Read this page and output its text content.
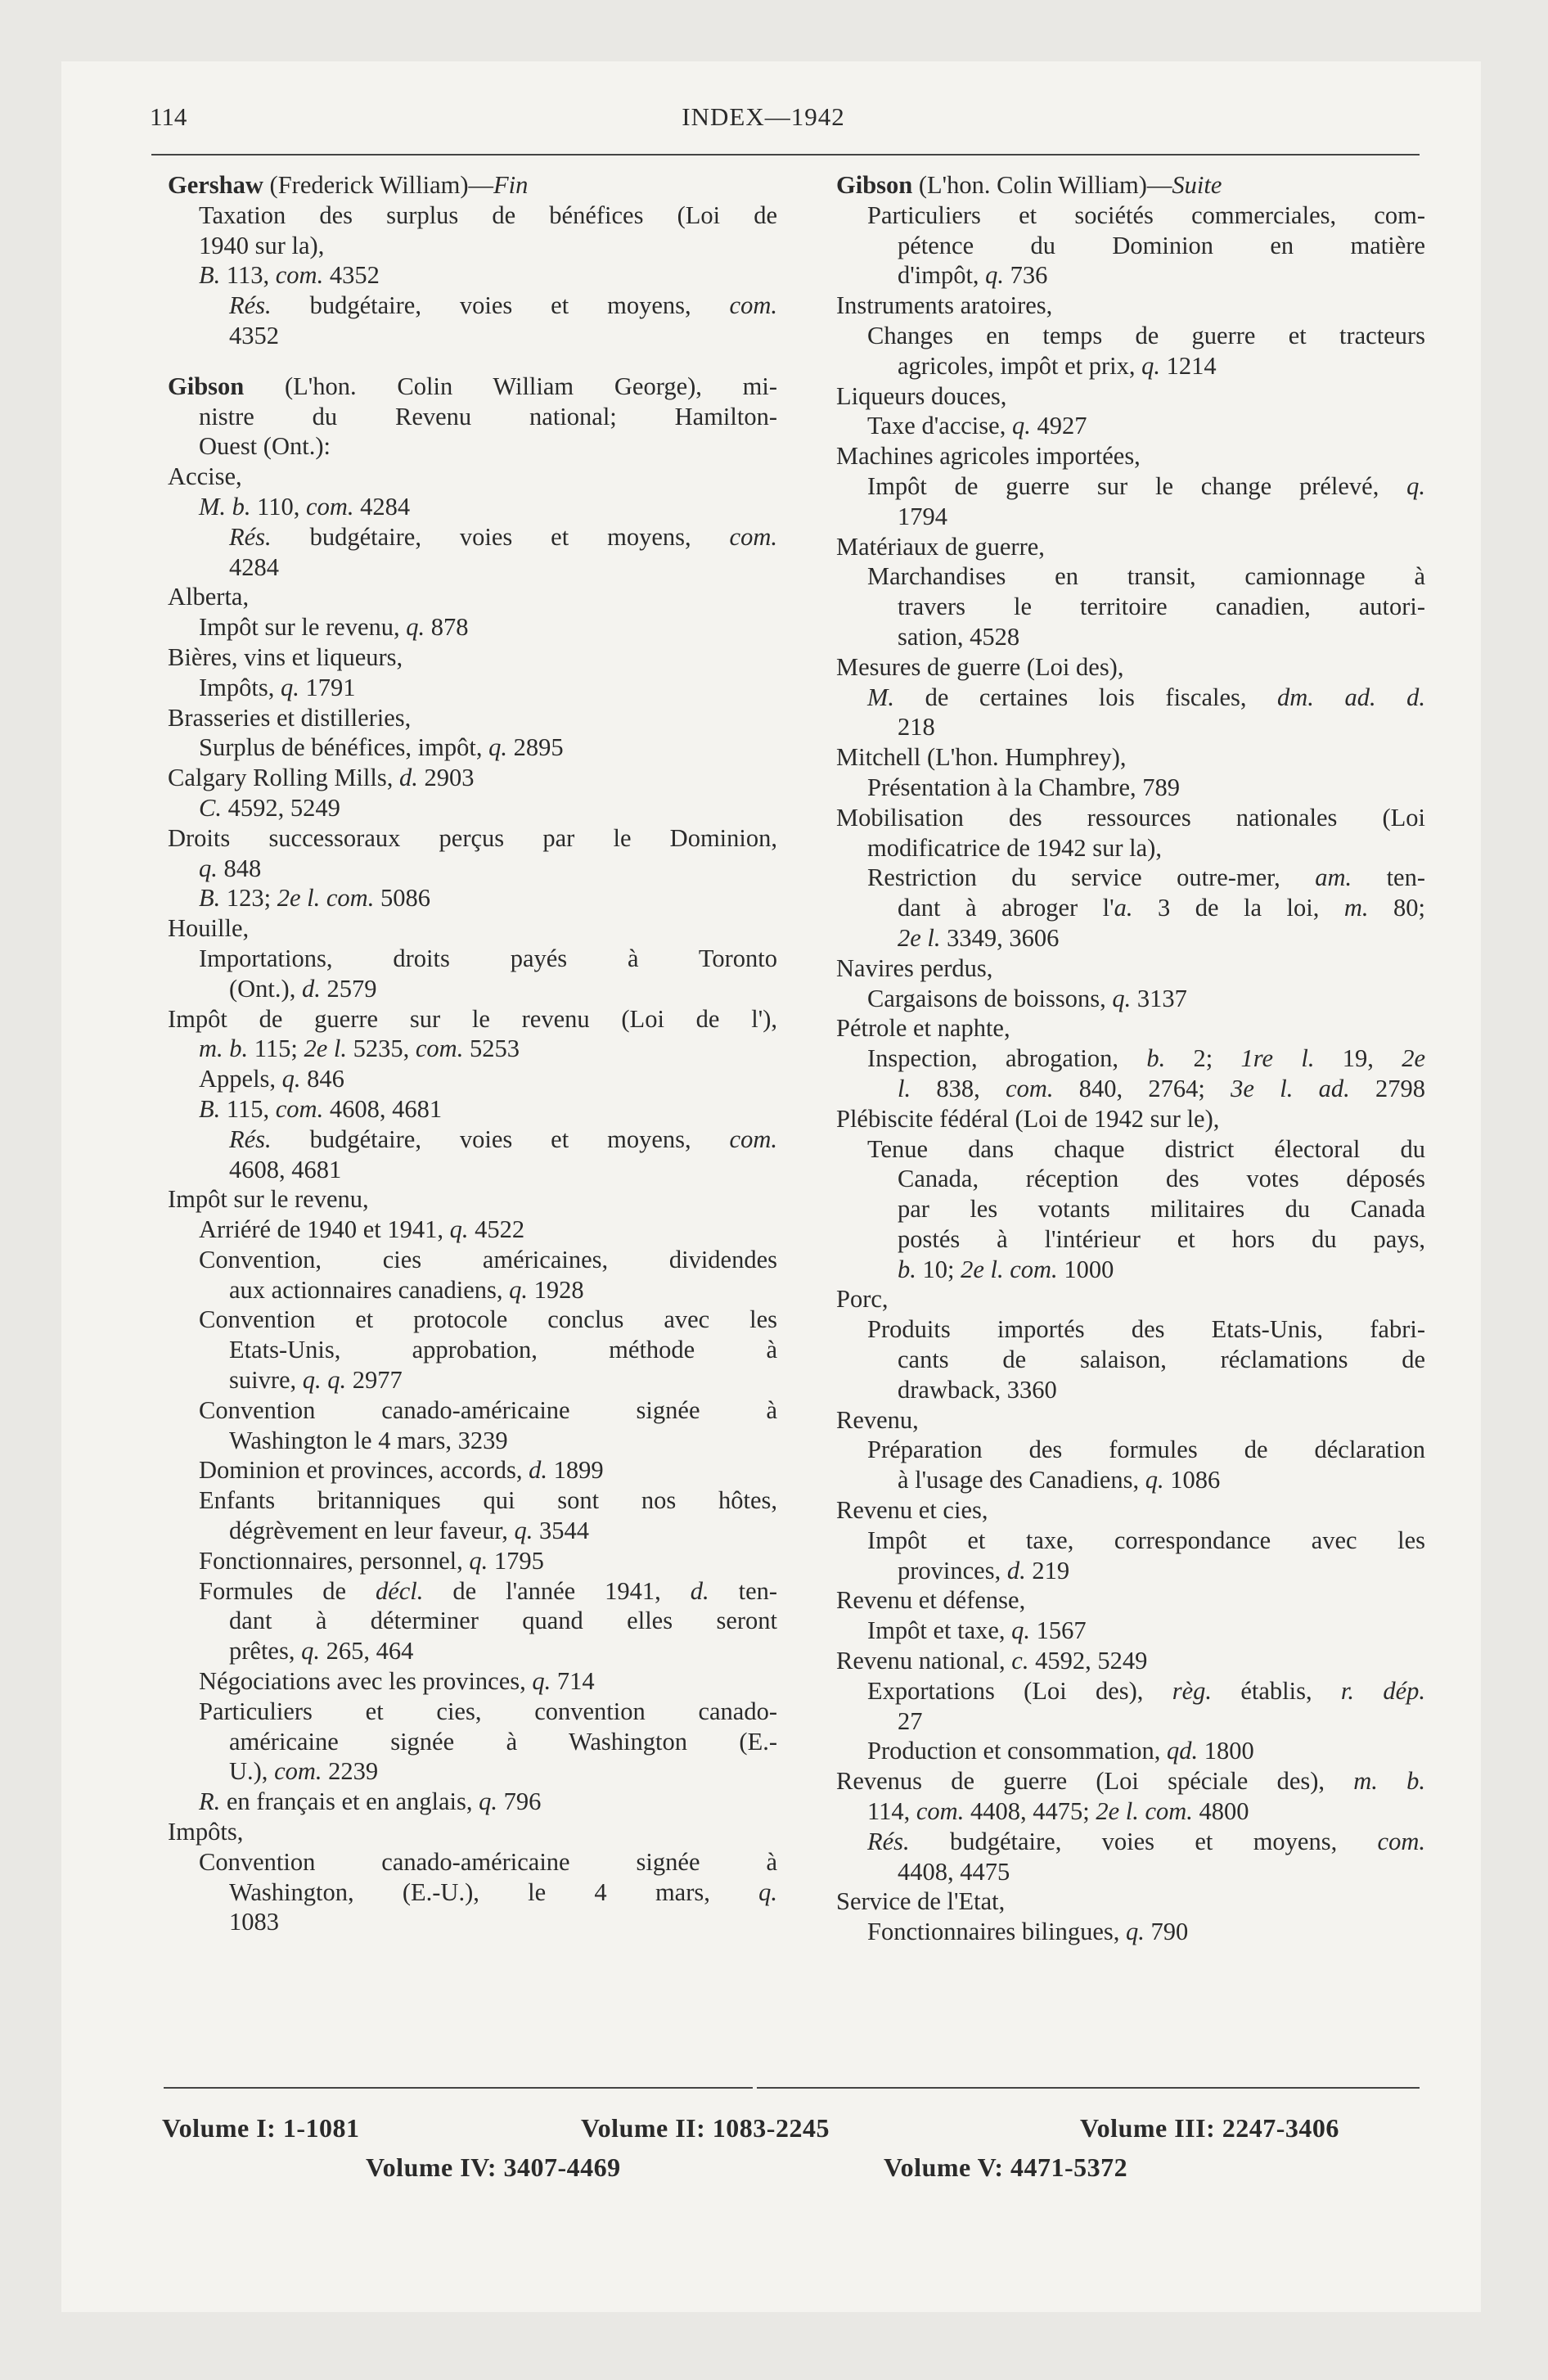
114	INDEX—1942
Gershaw (Frederick William)—Fin
Taxation des surplus de bénéfices (Loi de
1940 sur la),
B. 113, com. 4352
Rés. budgétaire, voies et moyens, com.
4352
Gibson (L'hon. Colin William George), mi-
nistre du Revenu national; Hamilton-
Ouest (Ont.):
Accise,
M. b. 110, com. 4284
Rés. budgétaire, voies et moyens, com.
4284
Alberta,
Impôt sur le revenu, q. 878
Bières, vins et liqueurs,
Impôts, q. 1791
Brasseries et distilleries,
Surplus de bénéfices, impôt, q. 2895
Calgary Rolling Mills, d. 2903
C. 4592, 5249
Droits successoraux perçus par le Dominion,
q. 848
B. 123; 2e l. com. 5086
Houille,
Importations, droits payés à Toronto
(Ont.), d. 2579
Impôt de guerre sur le revenu (Loi de l'),
m. b. 115; 2e l. 5235, com. 5253
Appels, q. 846
B. 115, com. 4608, 4681
Rés. budgétaire, voies et moyens, com.
4608, 4681
Impôt sur le revenu,
Arriéré de 1940 et 1941, q. 4522
Convention, cies américaines, dividendes
aux actionnaires canadiens, q. 1928
Convention et protocole conclus avec les
Etats-Unis, approbation, méthode à
suivre, q. q. 2977
Convention canado-américaine signée à
Washington le 4 mars, 3239
Dominion et provinces, accords, d. 1899
Enfants britanniques qui sont nos hôtes,
dégrèvement en leur faveur, q. 3544
Fonctionnaires, personnel, q. 1795
Formules de décl. de l'année 1941, d. ten-
dant à déterminer quand elles seront
prêtes, q. 265, 464
Négociations avec les provinces, q. 714
Particuliers et cies, convention canado-
américaine signée à Washington (E.-
U.), com. 2239
R. en français et en anglais, q. 796
Impôts,
Convention canado-américaine signée à
Washington, (E.-U.), le 4 mars, q.
1083
Gibson (L'hon. Colin William)—Suite
Particuliers et sociétés commerciales, com-
pétence du Dominion en matière
d'impôt, q. 736
Instruments aratoires,
Changes en temps de guerre et tracteurs
agricoles, impôt et prix, q. 1214
Liqueurs douces,
Taxe d'accise, q. 4927
Machines agricoles importées,
Impôt de guerre sur le change prélevé, q.
1794
Matériaux de guerre,
Marchandises en transit, camionnage à
travers le territoire canadien, autori-
sation, 4528
Mesures de guerre (Loi des),
M. de certaines lois fiscales, dm. ad. d.
218
Mitchell (L'hon. Humphrey),
Présentation à la Chambre, 789
Mobilisation des ressources nationales (Loi
modificatrice de 1942 sur la),
Restriction du service outre-mer, am. ten-
dant à abroger l'a. 3 de la loi, m. 80;
2e l. 3349, 3606
Navires perdus,
Cargaisons de boissons, q. 3137
Pétrole et naphte,
Inspection, abrogation, b. 2; 1re l. 19, 2e
l. 838, com. 840, 2764; 3e l. ad. 2798
Plébiscite fédéral (Loi de 1942 sur le),
Tenue dans chaque district électoral du
Canada, réception des votes déposés
par les votants militaires du Canada
postés à l'intérieur et hors du pays,
b. 10; 2e l. com. 1000
Porc,
Produits importés des Etats-Unis, fabri-
cants de salaison, réclamations de
drawback, 3360
Revenu,
Préparation des formules de déclaration
à l'usage des Canadiens, q. 1086
Revenu et cies,
Impôt et taxe, correspondance avec les
provinces, d. 219
Revenu et défense,
Impôt et taxe, q. 1567
Revenu national, c. 4592, 5249
Exportations (Loi des), règ. établis, r. dép.
27
Production et consommation, qd. 1800
Revenus de guerre (Loi spéciale des), m. b.
114, com. 4408, 4475; 2e l. com. 4800
Rés. budgétaire, voies et moyens, com.
4408, 4475
Service de l'Etat,
Fonctionnaires bilingues, q. 790
Volume I: 1-1081	Volume II: 1083-2245	Volume III: 2247-3406
Volume IV: 3407-4469	Volume V: 4471-5372
